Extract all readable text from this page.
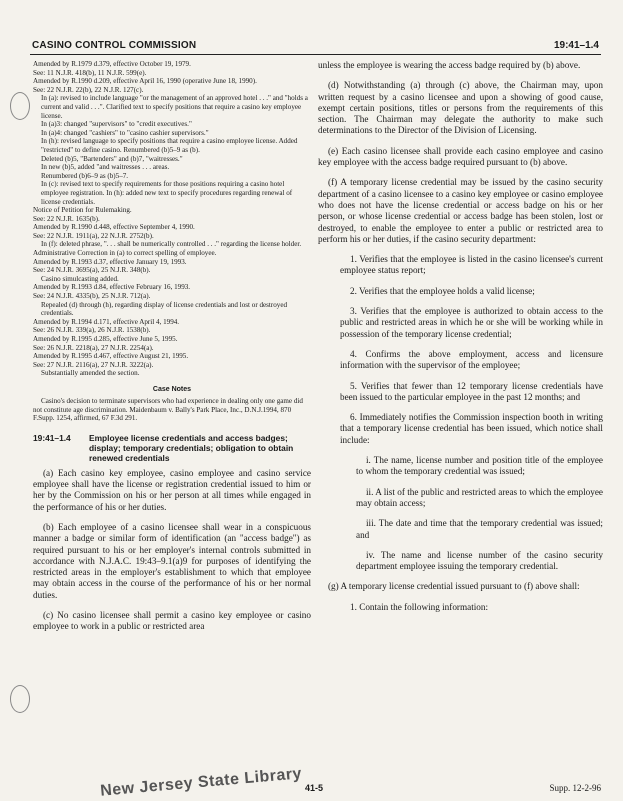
CASINO CONTROL COMMISSION	19:41–1.4

Amended by R.1979 d.379, effective October 19, 1979.

See: 11 N.J.R. 418(b), 11 N.J.R. 599(e).

Amended by R.1990 d.209, effective April 16, 1990 (operative June 18, 1990).

See: 22 N.J.R. 22(b), 22 N.J.R. 127(c).

In (a): revised to include language "or the management of an approved hotel . . ." and "holds a current and valid . . .". Clarified text to specify positions that require a casino key employee license.

In (a)3: changed "supervisors" to "credit executives."

In (a)4: changed "cashiers" to "casino cashier supervisors."

In (h): revised language to specify positions that require a casino employee license. Added "restricted" to define casino. Renumbered (b)5–9 as (b).

Deleted (b)5, "Bartenders" and (b)7, "waitresses."

In new (b)5, added "and waitresses . . . areas.

Renumbered (b)6–9 as (b)5–7.

In (c): revised text to specify requirements for those positions requiring a casino hotel employee registration. In (h): added new text to specify procedures regarding renewal of license credentials.

Notice of Petition for Rulemaking.

See: 22 N.J.R. 1635(b).

Amended by R.1990 d.448, effective September 4, 1990.

See: 22 N.J.R. 1911(a), 22 N.J.R. 2752(b).

In (f): deleted phrase, ". . . shall be numerically controlled . . ." regarding the license holder.

Administrative Correction in (a) to correct spelling of employee.

Amended by R.1993 d.37, effective January 19, 1993.

See: 24 N.J.R. 3695(a), 25 N.J.R. 348(b).

Casino simulcasting added.

Amended by R.1993 d.84, effective February 16, 1993.

See: 24 N.J.R. 4335(b), 25 N.J.R. 712(a).

Repealed (d) through (h), regarding display of license credentials and lost or destroyed credentials.

Amended by R.1994 d.171, effective April 4, 1994.

See: 26 N.J.R. 339(a), 26 N.J.R. 1538(b).

Amended by R.1995 d.285, effective June 5, 1995.

See: 26 N.J.R. 2218(a), 27 N.J.R. 2254(a).

Amended by R.1995 d.467, effective August 21, 1995.

See: 27 N.J.R. 2116(a), 27 N.J.R. 3222(a).

Substantially amended the section.

Case Notes

Casino's decision to terminate supervisors who had experience in dealing only one game did not constitute age discrimination. Maidenbaum v. Bally's Park Place, Inc., D.N.J.1994, 870 F.Supp. 1254, affirmed, 67 F.3d 291.

19:41–1.4	Employee license credentials and access badges; display; temporary credentials; obligation to obtain renewed credentials

(a) Each casino key employee, casino employee and casino service employee shall have the license or registration credential issued to him or her by the Commission on his or her person at all times while engaged in the performance of his or her duties.

(b) Each employee of a casino licensee shall wear in a conspicuous manner a badge or similar form of identification (an "access badge") as required pursuant to his or her employer's internal controls submitted in accordance with N.J.A.C. 19:43–9.1(a)9 for purposes of identifying the restricted areas in the employer's establishment to which that employee may obtain access in the course of the performance of his or her normal duties.

(c) No casino licensee shall permit a casino key employee or casino employee to work in a public or restricted area

unless the employee is wearing the access badge required by (b) above.

(d) Notwithstanding (a) through (c) above, the Chairman may, upon written request by a casino licensee and upon a showing of good cause, exempt certain positions, titles or persons from the requirements of this section. The Chairman may delegate the authority to make such determinations to the Director of the Division of Licensing.

(e) Each casino licensee shall provide each casino employee and casino key employee with the access badge required pursuant to (b) above.

(f) A temporary license credential may be issued by the casino security department of a casino licensee to a casino key employee or casino employee who does not have the license credential or access badge on his or her person, or whose license credential or access badge has been stolen, lost or destroyed, to enable the employee to enter a public or restricted area to perform his or her duties, if the casino security department:

1. Verifies that the employee is listed in the casino licensee's current employee status report;

2. Verifies that the employee holds a valid license;

3. Verifies that the employee is authorized to obtain access to the public and restricted areas in which he or she will be working while in possession of the temporary license credential;

4. Confirms the above employment, access and licensure information with the supervisor of the employee;

5. Verifies that fewer than 12 temporary license credentials have been issued to the particular employee in the past 12 months; and

6. Immediately notifies the Commission inspection booth in writing that a temporary license credential has been issued, which notice shall include:

i. The name, license number and position title of the employee to whom the temporary credential was issued;

ii. A list of the public and restricted areas to which the employee may obtain access;

iii. The date and time that the temporary credential was issued; and

iv. The name and license number of the casino security department employee issuing the temporary credential.

(g) A temporary license credential issued pursuant to (f) above shall:

1. Contain the following information:

New Jersey State Library 41-5	Supp. 12-2-96
